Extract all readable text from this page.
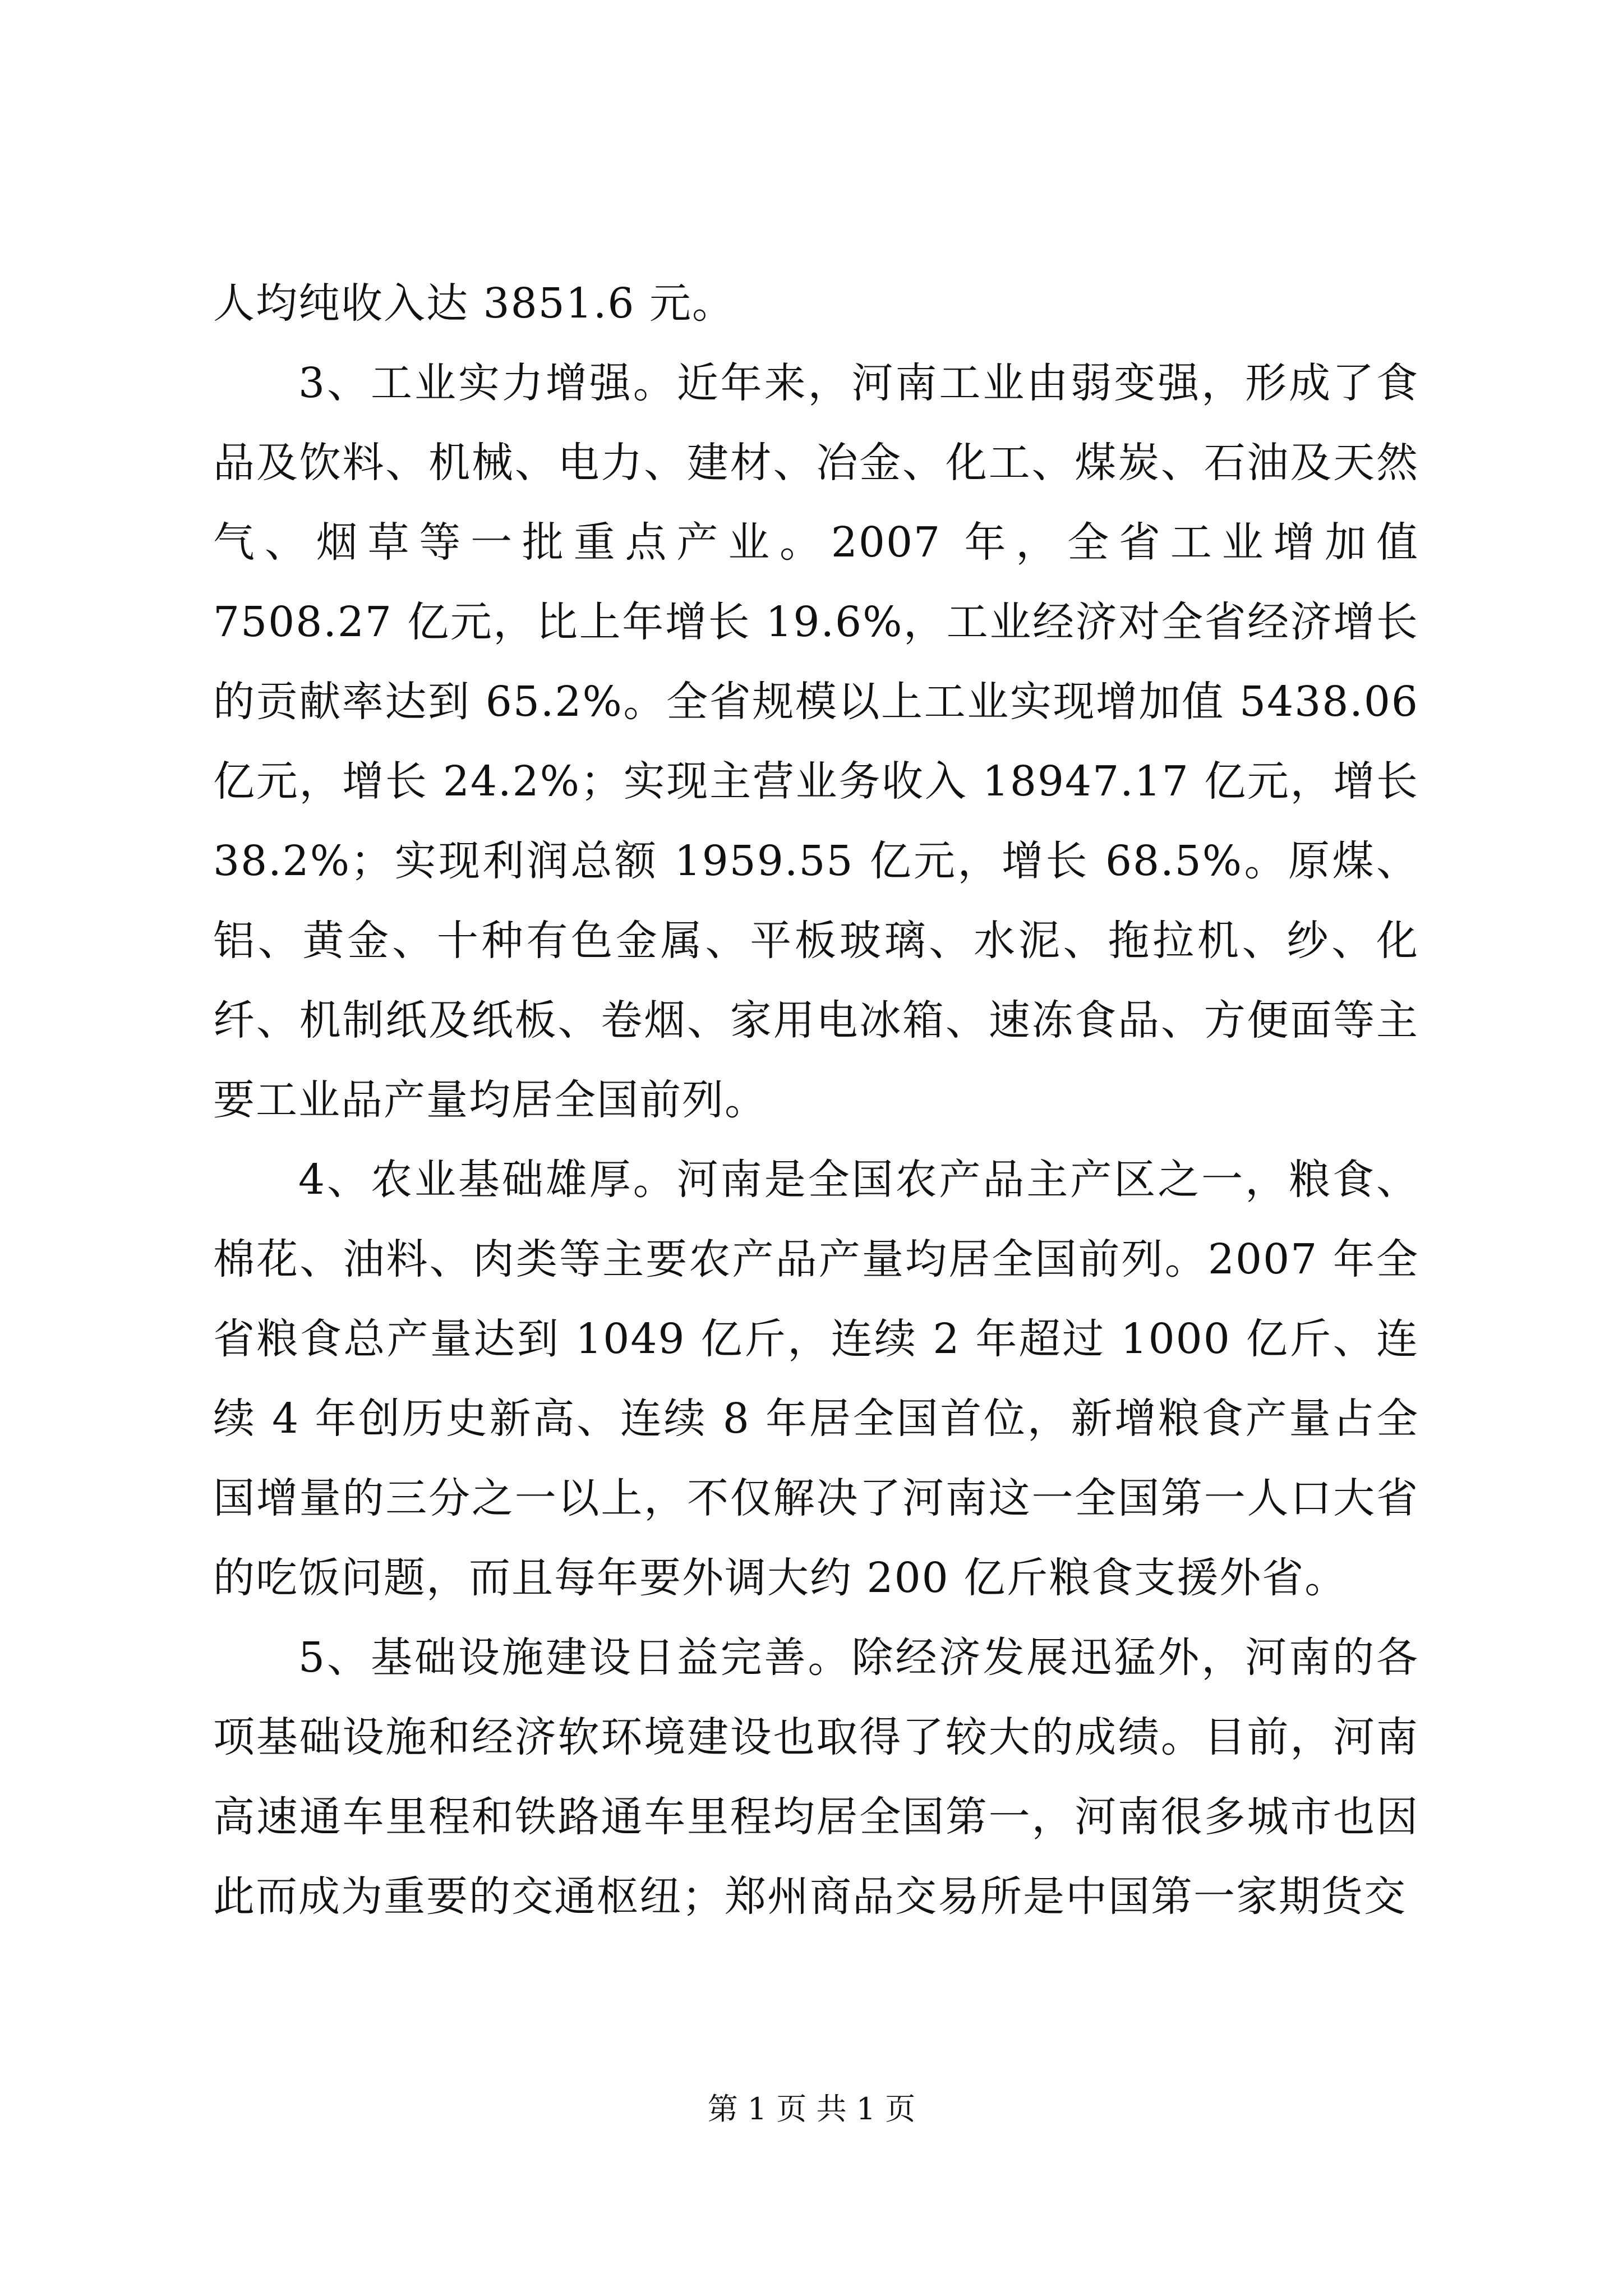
人均纯收入达 3851.6 元。

3、工业实力增强。近年来，河南工业由弱变强，形成了食品及饮料、机械、电力、建材、冶金、化工、煤炭、石油及天然气、烟草等一批重点产业。2007 年，全省工业增加值 7508.27 亿元，比上年增长 19.6%，工业经济对全省经济增长的贡献率达到 65.2%。全省规模以上工业实现增加值 5438.06 亿元，增长 24.2%；实现主营业务收入 18947.17 亿元，增长 38.2%；实现利润总额 1959.55 亿元，增长 68.5%。原煤、铝、黄金、十种有色金属、平板玻璃、水泥、拖拉机、纱、化纤、机制纸及纸板、卷烟、家用电冰箱、速冻食品、方便面等主要工业品产量均居全国前列。

4、农业基础雄厚。河南是全国农产品主产区之一，粮食、棉花、油料、肉类等主要农产品产量均居全国前列。2007 年全省粮食总产量达到 1049 亿斤，连续 2 年超过 1000 亿斤、连续 4 年创历史新高、连续 8 年居全国首位，新增粮食产量占全国增量的三分之一以上，不仅解决了河南这一全国第一人口大省的吃饭问题，而且每年要外调大约 200 亿斤粮食支援外省。

5、基础设施建设日益完善。除经济发展迅猛外，河南的各项基础设施和经济软环境建设也取得了较大的成绩。目前，河南高速通车里程和铁路通车里程均居全国第一，河南很多城市也因此而成为重要的交通枢纽；郑州商品交易所是中国第一家期货交

第 1 页 共 1 页
